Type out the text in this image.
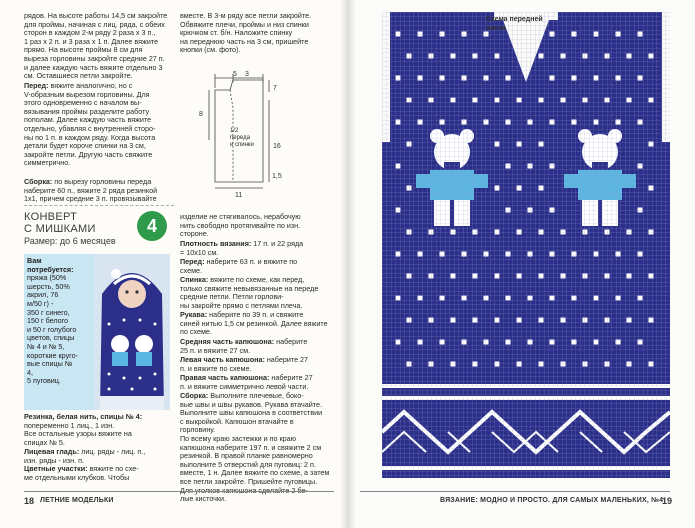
рядов. На высоте работы 14,5 см закройте
для проймы, начиная с лиц. ряда, с обеих
сторон в каждом 2-м ряду 2 раза х 3 п.,
1 раз х 2 п. и 3 раза х 1 п. Далее вяжите
прямо. На высоте проймы 8 см для
выреза горловины закройте средние 27 п.
и далее каждую часть вяжите отдельно 3
см. Оставшиеся петли закройте.
Перед: вяжите аналогично, но с
V-образным вырезом горловины. Для
этого одновременно с началом вы-
вязывания проймы разделите работу
пополам. Далее каждую часть вяжите
отдельно, убавляя с внутренней сторо-
ны по 1 п. в каждом ряду. Когда высота
детали будет короче спинки на 3 см,
закройте петли. Другую часть свяжите
симметрично.
Сборка: по вырезу горловины переда
наберите 60 п., вяжите 2 ряда резинкой
1х1, причем средние 3 п. провязывайте
вместе. В 3-м ряду все петли закройте.
Обвяжите плечи, проймы и низ спинки
крючком ст. б/н. Наложите спинку
на переднюю часть на 3 см, пришейте
кнопки (см. фото).
5 3
7
8
1,5
16
11
1/2
переда
и спинки
КОНВЕРТ
С МИШКАМИ	4
Размер: до 6 месяцев
Вам
потребуется: пряжа (50%
шерсть, 50%
акрил, 76
м/50 г) -
350 г синего,
150 г белого
и 50 г голубого
цветов, спицы
№ 4 и № 5,
короткие круго-
вые спицы №
4,
5 пуговиц.
Резинка, белая нить, спицы № 4:
попеременно 1 лиц., 1 изн.
Все остальные узоры вяжите на
спицах № 5.
Лицевая гладь: лиц. ряды - лиц. п.,
изн. ряды - изн. п.
Цветные участки: вяжите по схе-
ме отдельными клубков. Чтобы
изделие не стягивалось, нерабочую
нить свободно протягивайте по изн.
стороне.
Плотность вязания: 17 п. и 22 ряда
= 10х10 см.
Перед: наберите 63 п. и вяжите по
схеме.
Спинка: вяжите по схеме, как перед,
только свяжите невывязанные на переде
средние петли. Петли горлови-
ны закройте прямо с петлями плеча.
Рукава: наберите по 39 п. и свяжите
синей нитью 1,5 см резинкой. Далее вяжите
по схеме.
Средняя часть капюшона: наберите
25 п. и вяжите 27 см.
Левая часть капюшона: наберите 27
п. и вяжите по схеме.
Правая часть капюшона: наберите 27
п. и вяжите симметрично левой части.
Сборка: Выполните плечевые, боко-
вые швы и швы рукавов. Рукава втачайте.
Выполните швы капюшона в соответствии
с выкройкой. Капюшон втачайте в горловину.
По всему краю застежки и по краю
капюшона наберите 197 п. и свяжите 2 см
резинкой. В правой планке равномерно
выполните 5 отверстий для пуговиц: 2 п.
вместе, 1 н. Далее вяжите по схеме, а затем
все петли закройте. Пришейте пуговицы.
Для уголков капюшона сделайте 2 бе-
лые кисточки.
18 ЛЕТНИЕ МОДЕЛЬКИ
Схема передней
части
ВЯЗАНИЕ: МОДНО И ПРОСТО. ДЛЯ САМЫХ МАЛЕНЬКИХ, №4
19
